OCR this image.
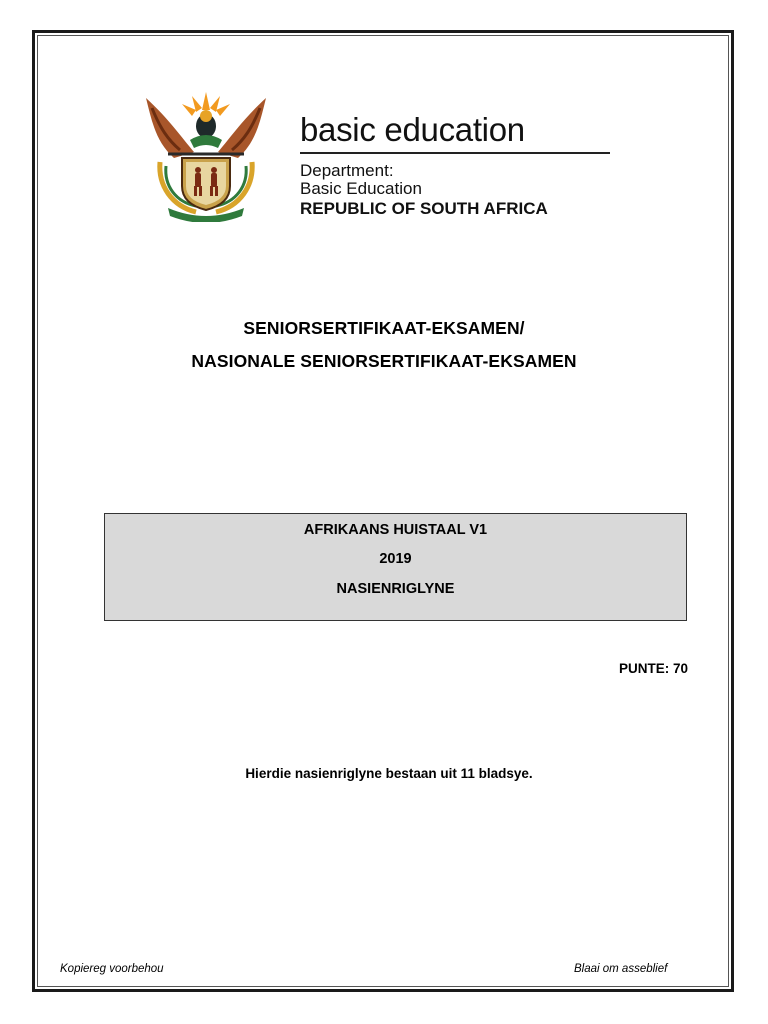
basic education
Department:
Basic Education
REPUBLIC OF SOUTH AFRICA
SENIORSERTIFIKAAT-EKSAMEN/
NASIONALE SENIORSERTIFIKAAT-EKSAMEN
AFRIKAANS HUISTAAL V1
2019
NASIENRIGLYNE
PUNTE: 70
Hierdie nasienriglyne bestaan uit 11 bladsye.
Kopiereg voorbehou	Blaai om asseblief
